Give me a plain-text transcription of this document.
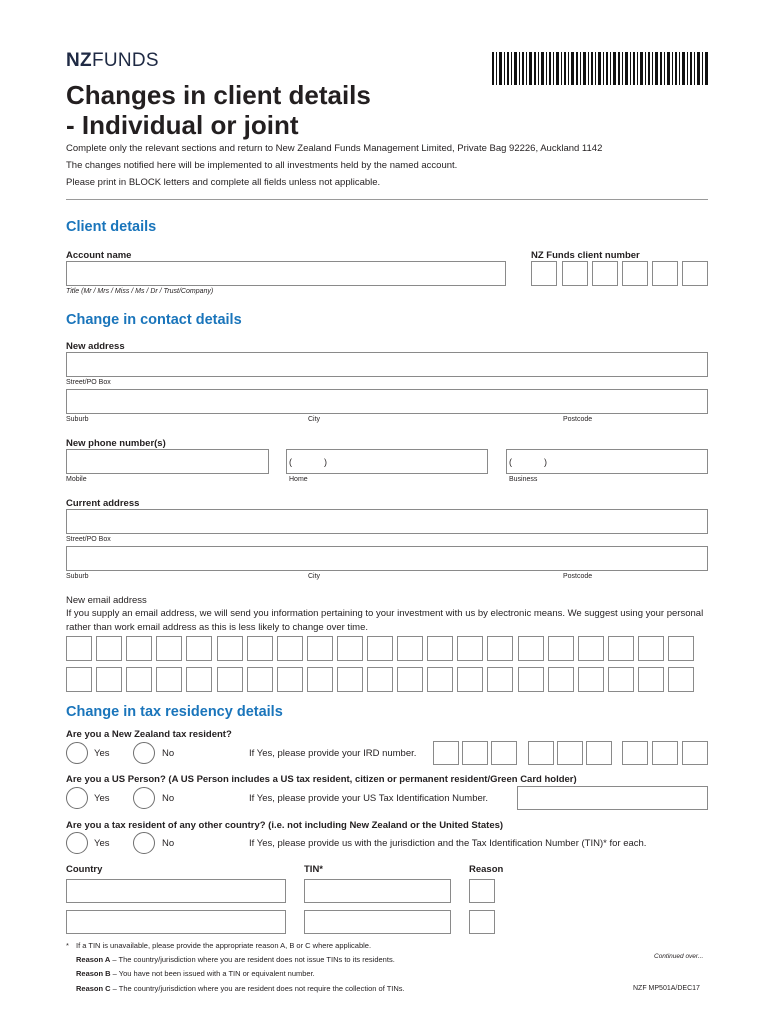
NZFUNDS
Changes in client details
- Individual or joint
Complete only the relevant sections and return to New Zealand Funds Management Limited, Private Bag 92226, Auckland 1142
The changes notified here will be implemented to all investments held by the named account.
Please print in BLOCK letters and complete all fields unless not applicable.
Client details
Account name
Title (Mr / Mrs / Miss / Ms / Dr / Trust/Company)
NZ Funds client number
Change in contact details
New address
Street/PO Box
Suburb	City	Postcode
New phone number(s)
(	)	(	)
Mobile	Home	Business
Current address
Street/PO Box
Suburb	City	Postcode
New email address
If you supply an email address, we will send you information pertaining to your investment with us by electronic means. We suggest using your personal
rather than work email address as this is less likely to change over time.
Change in tax residency details
Are you a New Zealand tax resident?
Yes	No	If Yes, please provide your IRD number.
Are you a US Person? (A US Person includes a US tax resident, citizen or permanent resident/Green Card holder)
Yes	No	If Yes, please provide your US Tax Identification Number.
Are you a tax resident of any other country? (i.e. not including New Zealand or the United States)
Yes	No	If Yes, please provide us with the jurisdiction and the Tax Identification Number (TIN)* for each.
Country	TIN*	Reason
* If a TIN is unavailable, please provide the appropriate reason A, B or C where applicable.
Reason A – The country/jurisdiction where you are resident does not issue TINs to its residents.
Reason B – You have not been issued with a TIN or equivalent number.
Reason C – The country/jurisdiction where you are resident does not require the collection of TINs.
Continued over...
NZF MP501A/DEC17
